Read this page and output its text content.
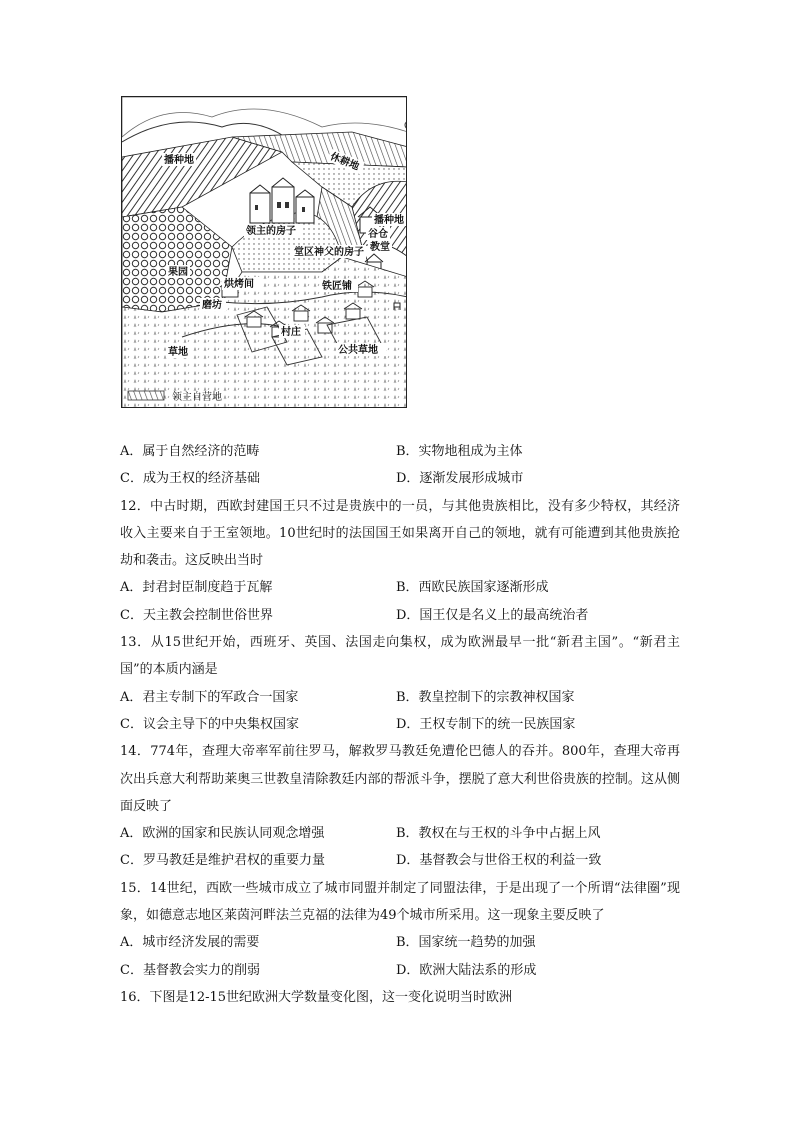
播种地	休耕地
播种地
领主的房子	谷仓
教堂
果园
堂区神父的房子
烘烤间	铁匠铺
磨坊
村庄
草地	公共草地
领主自营地
A．属于自然经济的范畴	B．实物地租成为主体
C．成为王权的经济基础	D．逐渐发展形成城市

12．中古时期，西欧封建国王只不过是贵族中的一员，与其他贵族相比，没有多少特权，其经济收入主要来自于王室领地。10世纪时的法国国王如果离开自己的领地，就有可能遭到其他贵族抢劫和袭击。这反映出当时

A．封君封臣制度趋于瓦解	B．西欧民族国家逐渐形成
C．天主教会控制世俗世界	D．国王仅是名义上的最高统治者

13．从15世纪开始，西班牙、英国、法国走向集权，成为欧洲最早一批“新君主国”。“新君主国”的本质内涵是

A．君主专制下的军政合一国家	B．教皇控制下的宗教神权国家
C．议会主导下的中央集权国家	D．王权专制下的统一民族国家

14．774年，查理大帝率军前往罗马，解救罗马教廷免遭伦巴德人的吞并。800年，查理大帝再次出兵意大利帮助莱奥三世教皇清除教廷内部的帮派斗争，摆脱了意大利世俗贵族的控制。这从侧面反映了

A．欧洲的国家和民族认同观念增强	B．教权在与王权的斗争中占据上风
C．罗马教廷是维护君权的重要力量	D．基督教会与世俗王权的利益一致

15．14世纪，西欧一些城市成立了城市同盟并制定了同盟法律，于是出现了一个所谓“法律圈”现象，如德意志地区莱茵河畔法兰克福的法律为49个城市所采用。这一现象主要反映了

A．城市经济发展的需要	B．国家统一趋势的加强
C．基督教会实力的削弱	D．欧洲大陆法系的形成

16．下图是12-15世纪欧洲大学数量变化图，这一变化说明当时欧洲
